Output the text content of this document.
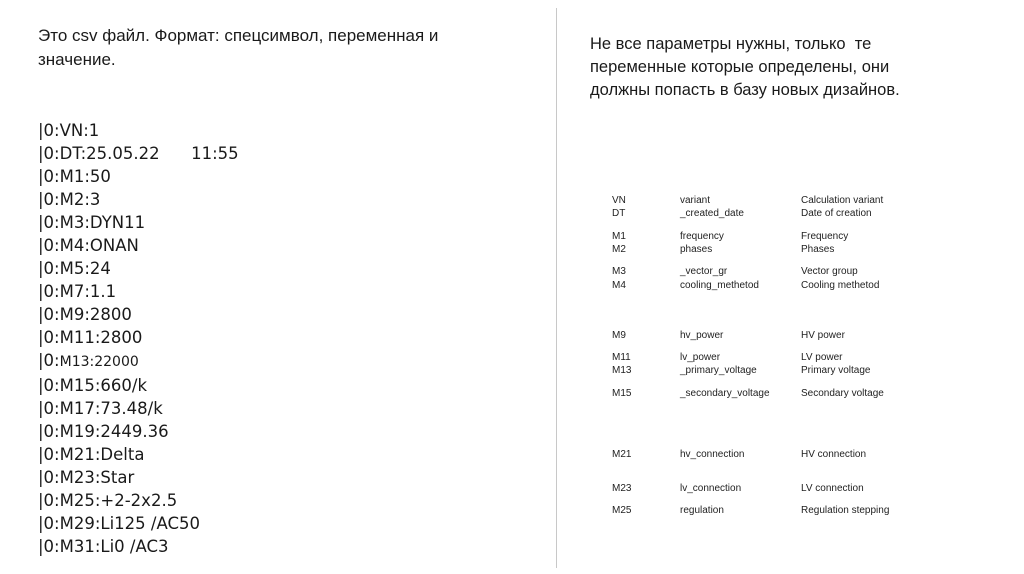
Это csv файл. Формат: спецсимвол, переменная и
значение.
|0:VN:1
|0:DT:25.05.22      11:55
|0:M1:50
|0:M2:3
|0:M3:DYN11
|0:M4:ONAN
|0:M5:24
|0:M7:1.1
|0:M9:2800
|0:M11:2800
|0:M13:22000
|0:M15:660/k
|0:M17:73.48/k
|0:M19:2449.36
|0:M21:Delta
|0:M23:Star
|0:M25:+2-2x2.5
|0:M29:Li125 /AC50
|0:M31:Li0 /AC3

Не все параметры нужны, только  те
переменные которые определены, они
должны попасть в базу новых дизайнов.

VN	variant	Calculation variant
DT	_created_date	Date of creation
M1	frequency	Frequency
M2	phases	Phases
M3	_vector_gr	Vector group
M4	cooling_methetod	Cooling methetod
M9	hv_power	HV power
M11	lv_power	LV power
M13	_primary_voltage	Primary voltage
M15	_secondary_voltage	Secondary voltage
M21	hv_connection	HV connection
M23	lv_connection	LV connection
M25	regulation	Regulation stepping
